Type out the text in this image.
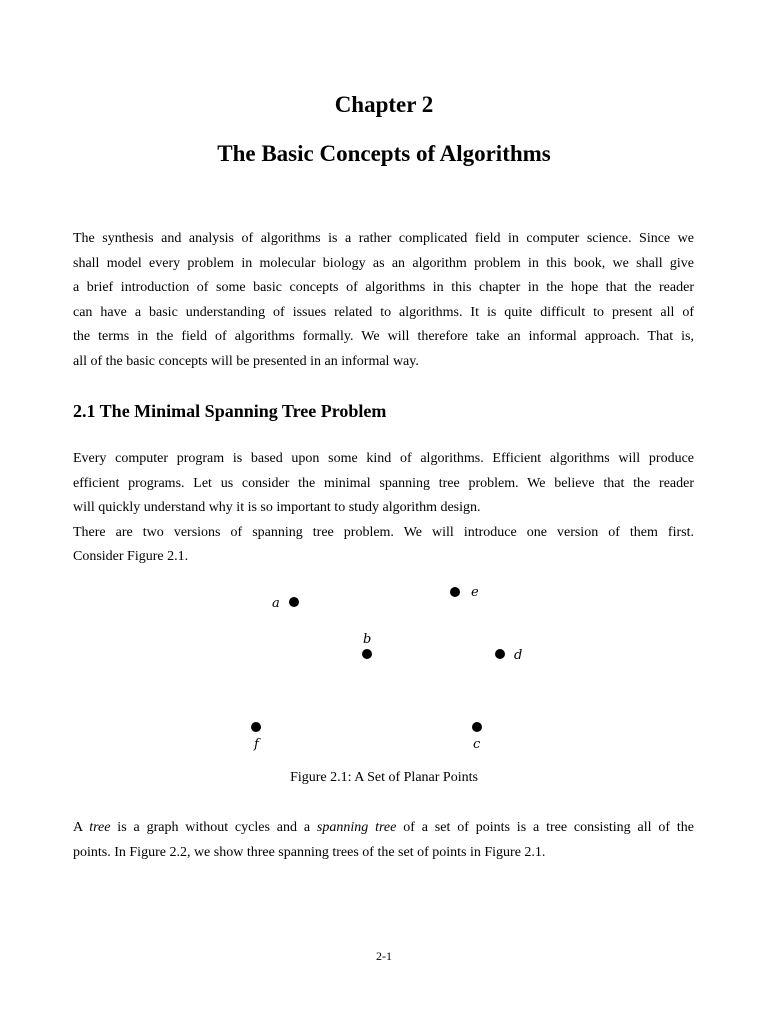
Chapter 2
The Basic Concepts of Algorithms
The synthesis and analysis of algorithms is a rather complicated field in computer science. Since we
shall model every problem in molecular biology as an algorithm problem in this book, we shall give
a brief introduction of some basic concepts of algorithms in this chapter in the hope that the reader
can have a basic understanding of issues related to algorithms. It is quite difficult to present all of
the terms in the field of algorithms formally. We will therefore take an informal approach. That is,
all of the basic concepts will be presented in an informal way.
2.1 The Minimal Spanning Tree Problem
Every computer program is based upon some kind of algorithms. Efficient algorithms will produce
efficient programs. Let us consider the minimal spanning tree problem. We believe that the reader
will quickly understand why it is so important to study algorithm design.
There are two versions of spanning tree problem. We will introduce one version of them first.
Consider Figure 2.1.
a
e
b
d
f	c
Figure 2.1: A Set of Planar Points
A tree is a graph without cycles and a spanning tree of a set of points is a tree consisting all of the
points. In Figure 2.2, we show three spanning trees of the set of points in Figure 2.1.
2-1
